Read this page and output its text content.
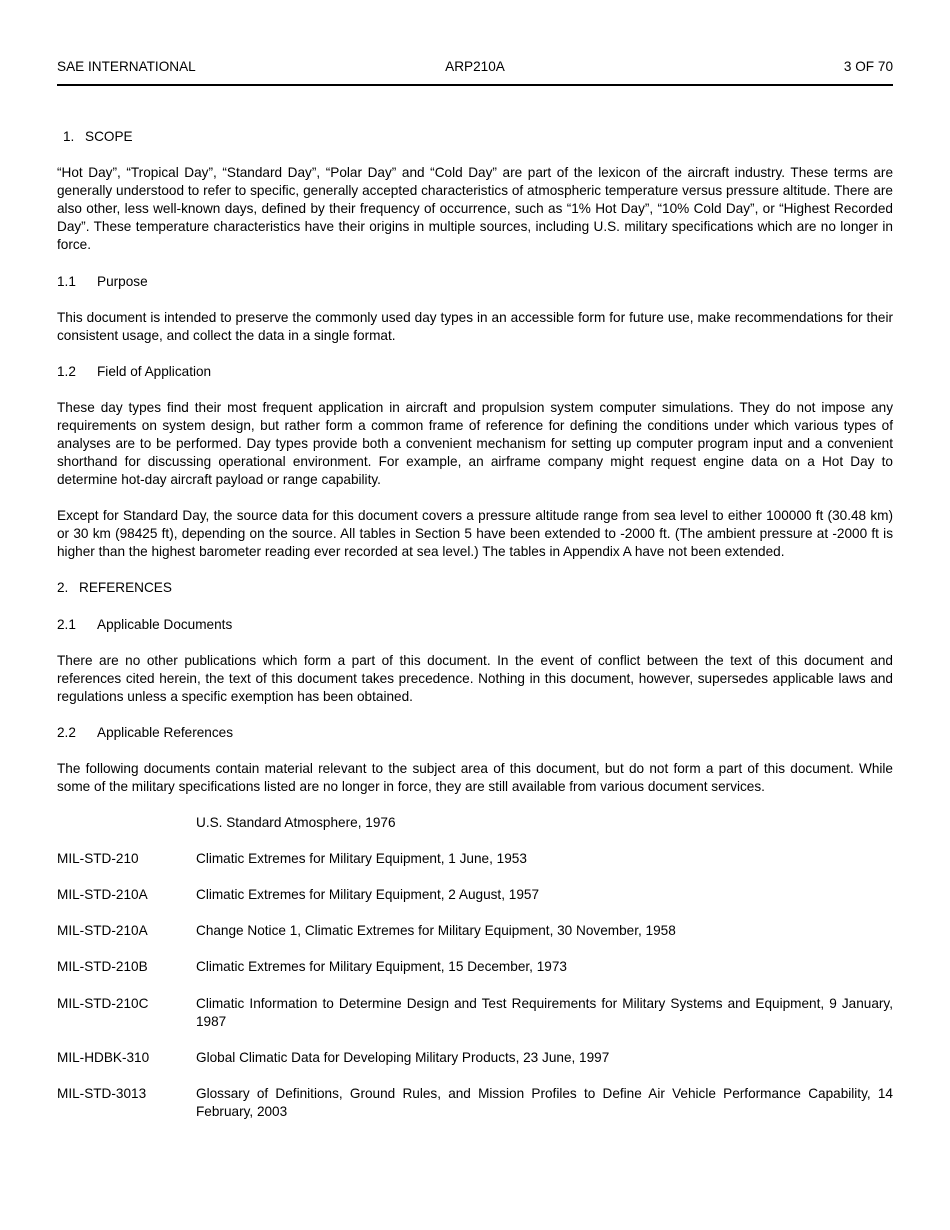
SAE INTERNATIONAL	ARP210A	3 OF 70
1. SCOPE

“Hot Day”, “Tropical Day”, “Standard Day”, “Polar Day” and “Cold Day” are part of the lexicon of the aircraft industry. These terms are generally understood to refer to specific, generally accepted characteristics of atmospheric temperature versus pressure altitude. There are also other, less well-known days, defined by their frequency of occurrence, such as “1% Hot Day”, “10% Cold Day”, or “Highest Recorded Day”. These temperature characteristics have their origins in multiple sources, including U.S. military specifications which are no longer in force.

1.1 Purpose

This document is intended to preserve the commonly used day types in an accessible form for future use, make recommendations for their consistent usage, and collect the data in a single format.

1.2 Field of Application

These day types find their most frequent application in aircraft and propulsion system computer simulations. They do not impose any requirements on system design, but rather form a common frame of reference for defining the conditions under which various types of analyses are to be performed. Day types provide both a convenient mechanism for setting up computer program input and a convenient shorthand for discussing operational environment. For example, an airframe company might request engine data on a Hot Day to determine hot-day aircraft payload or range capability.

Except for Standard Day, the source data for this document covers a pressure altitude range from sea level to either 100000 ft (30.48 km) or 30 km (98425 ft), depending on the source. All tables in Section 5 have been extended to -2000 ft. (The ambient pressure at -2000 ft is higher than the highest barometer reading ever recorded at sea level.) The tables in Appendix A have not been extended.

2. REFERENCES
2.1 Applicable Documents

There are no other publications which form a part of this document. In the event of conflict between the text of this document and references cited herein, the text of this document takes precedence. Nothing in this document, however, supersedes applicable laws and regulations unless a specific exemption has been obtained.

2.2 Applicable References

The following documents contain material relevant to the subject area of this document, but do not form a part of this document. While some of the military specifications listed are no longer in force, they are still available from various document services.

U.S. Standard Atmosphere, 1976
MIL-STD-210	Climatic Extremes for Military Equipment, 1 June, 1953
MIL-STD-210A	Climatic Extremes for Military Equipment, 2 August, 1957
MIL-STD-210A	Change Notice 1, Climatic Extremes for Military Equipment, 30 November, 1958
MIL-STD-210B	Climatic Extremes for Military Equipment, 15 December, 1973
MIL-STD-210C	Climatic Information to Determine Design and Test Requirements for Military Systems and Equipment, 9 January, 1987
MIL-HDBK-310	Global Climatic Data for Developing Military Products, 23 June, 1997
MIL-STD-3013	Glossary of Definitions, Ground Rules, and Mission Profiles to Define Air Vehicle Performance Capability, 14 February, 2003
